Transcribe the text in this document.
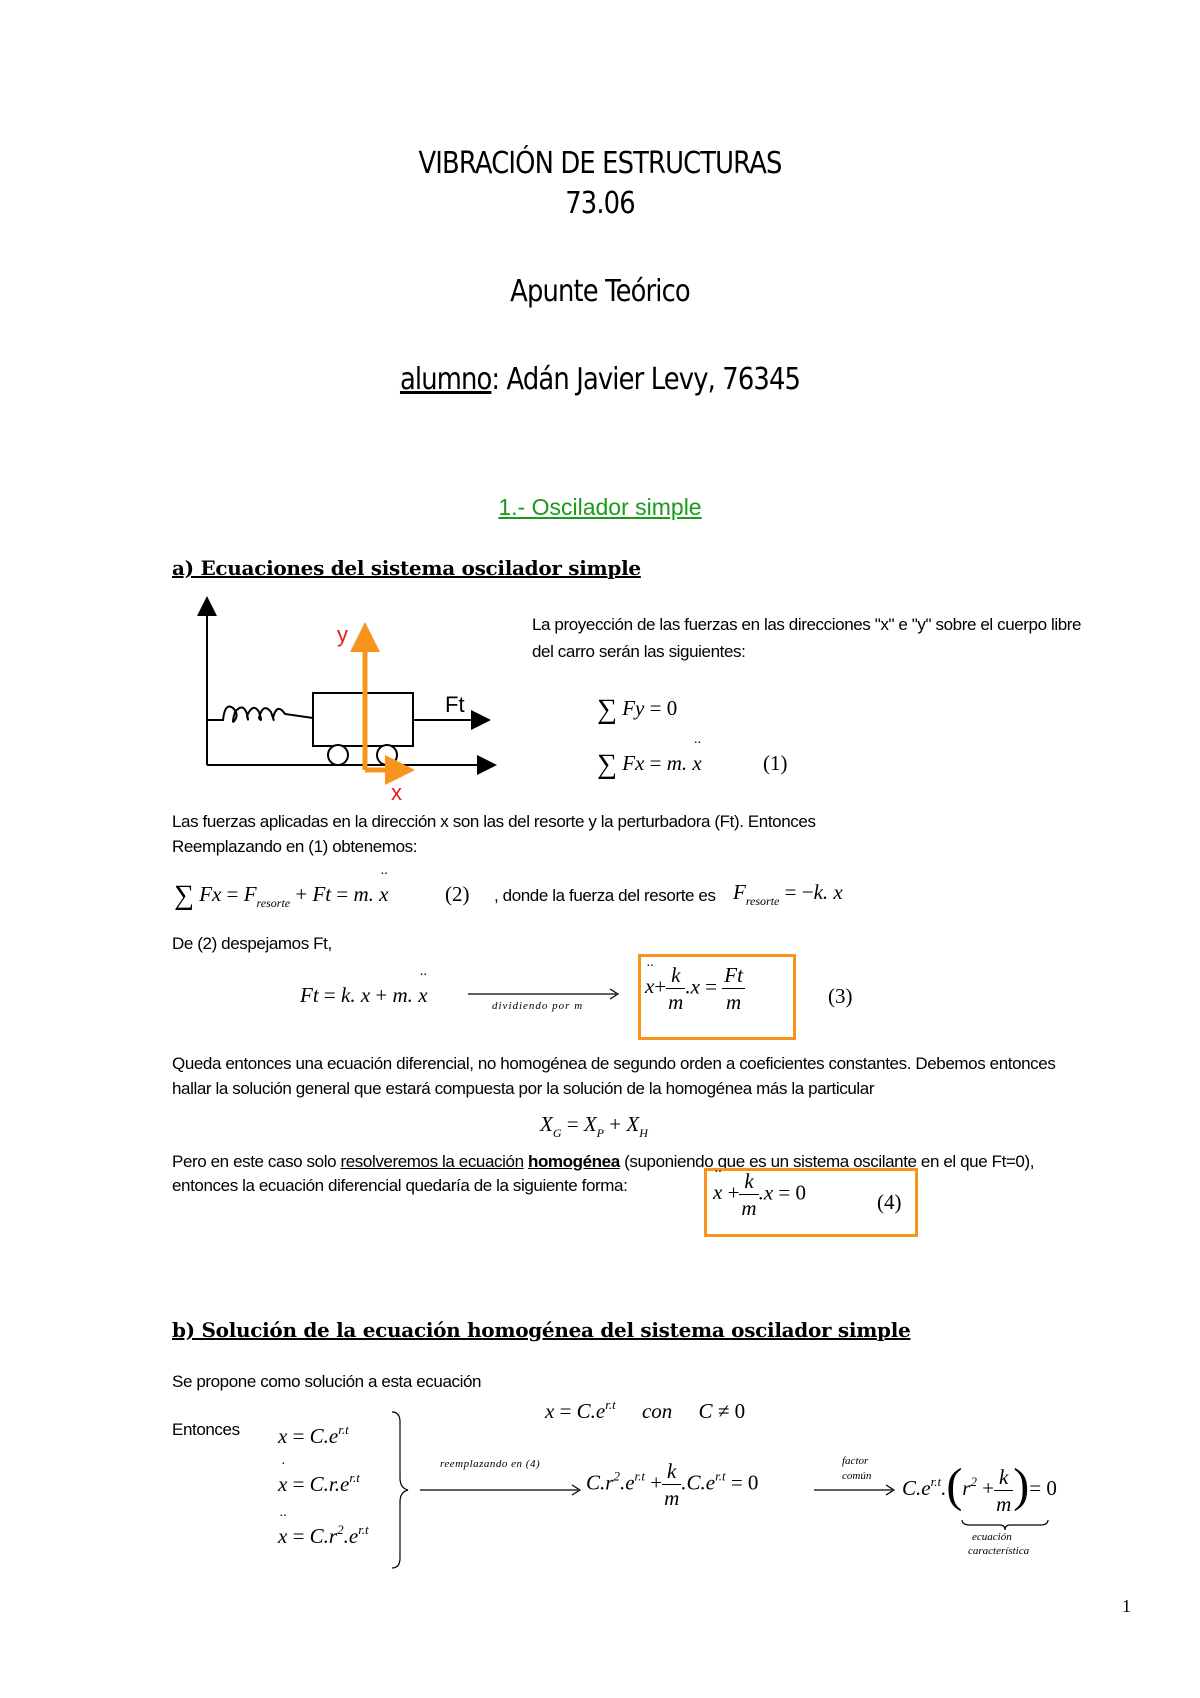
VIBRACIÓN DE ESTRUCTURAS
73.06
Apunte Teórico
alumno: Adán Javier Levy, 76345
1.- Oscilador simple
a) Ecuaciones del sistema oscilador simple
Ft
y
x
La proyección de las fuerzas en las direcciones "x" e "y" sobre el cuerpo libre
del carro serán las siguientes:
∑ Fy = 0
∑ Fx = m. ·· x	(1)
Las fuerzas aplicadas en la dirección x son las del resorte y la perturbadora (Ft). Entonces
Reemplazando en (1) obtenemos:
∑ $Fx = F_{resorte} + Ft = m$. ·· x	(2) , donde la fuerza del resorte es $F_{resorte} = -k$. x
De (2) despejamos Ft,
Ft = k. x + m. ·· x	dividiendo por m
·· $x+ \frac{k}{m} .x = \frac{Ft}{m}$	(3)
Queda entonces una ecuación diferencial, no homogénea de segundo orden a coeficientes constantes. Debemos entonces
hallar la solución general que estará compuesta por la solución de la homogénea más la particular
$X_G = X_P + X_H$
Pero en este caso solo resolveremos la ecuación homogénea (suponiendo que es un sistema oscilante en el que Ft=0),
entonces la ecuación diferencial quedaría de la siguiente forma:
··	$x + \frac{k}{m} .x = 0$	(4)
b) Solución de la ecuación homogénea del sistema oscilador simple
Se propone como solución a esta ecuación
$x = C.e^{r.t}$     con     C ≠ 0
Entonces $x = C.e^{r.t}$
· $x = C.r.e^{r.t}$
·· $x = C.r^2.e^{r.t}$
reemplazando en (4)
$C.r^2.e^{r.t} + \frac{k}{m} .C.e^{r.t} = 0$
factor
común $C.e^{r.t}.(r^2 + \frac{k}{m}$ )= 0
ecuación
característica
1
